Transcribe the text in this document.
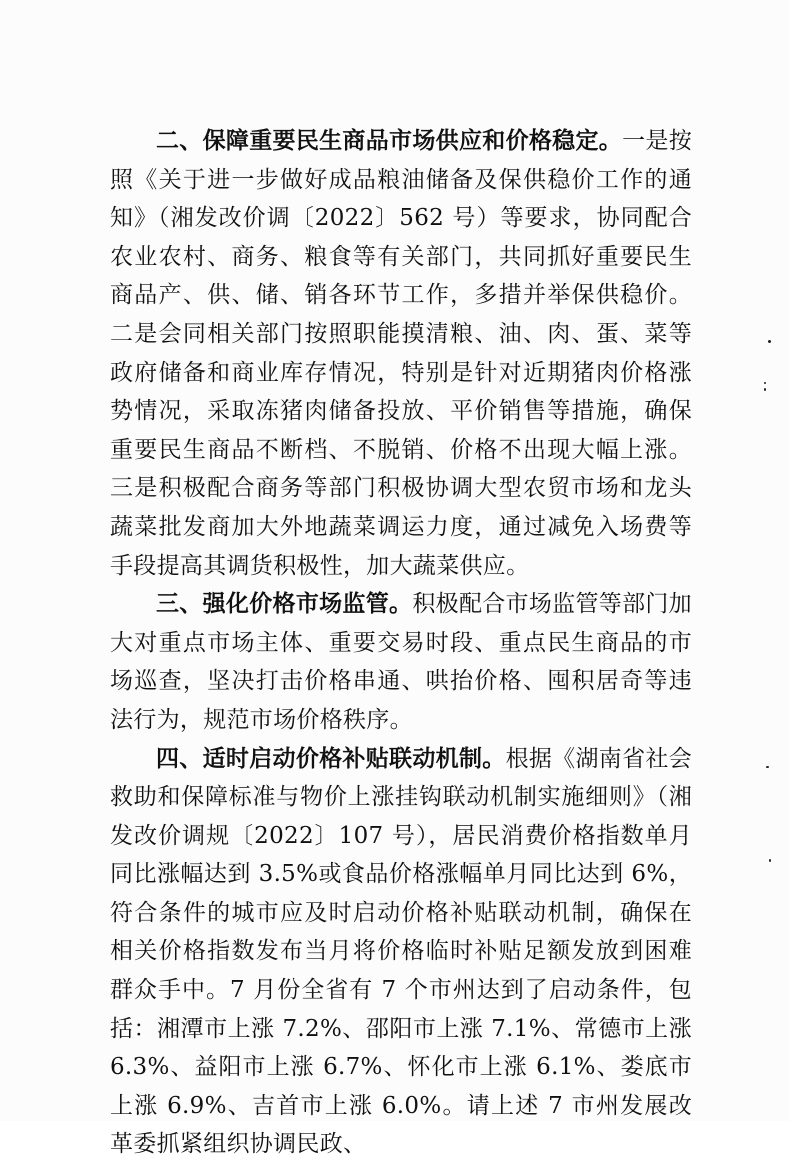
二、保障重要民生商品市场供应和价格稳定。一是按照《关于进一步做好成品粮油储备及保供稳价工作的通知》（湘发改价调〔2022〕562 号）等要求，协同配合农业农村、商务、粮食等有关部门，共同抓好重要民生商品产、供、储、销各环节工作，多措并举保供稳价。二是会同相关部门按照职能摸清粮、油、肉、蛋、菜等政府储备和商业库存情况，特别是针对近期猪肉价格涨势情况，采取冻猪肉储备投放、平价销售等措施，确保重要民生商品不断档、不脱销、价格不出现大幅上涨。三是积极配合商务等部门积极协调大型农贸市场和龙头蔬菜批发商加大外地蔬菜调运力度，通过减免入场费等手段提高其调货积极性，加大蔬菜供应。

三、强化价格市场监管。积极配合市场监管等部门加大对重点市场主体、重要交易时段、重点民生商品的市场巡查，坚决打击价格串通、哄抬价格、囤积居奇等违法行为，规范市场价格秩序。

四、适时启动价格补贴联动机制。根据《湖南省社会救助和保障标准与物价上涨挂钩联动机制实施细则》（湘发改价调规〔2022〕107 号），居民消费价格指数单月同比涨幅达到 3.5%或食品价格涨幅单月同比达到 6%，符合条件的城市应及时启动价格补贴联动机制，确保在相关价格指数发布当月将价格临时补贴足额发放到困难群众手中。7 月份全省有 7 个市州达到了启动条件，包括：湘潭市上涨 7.2%、邵阳市上涨 7.1%、常德市上涨 6.3%、益阳市上涨 6.7%、怀化市上涨 6.1%、娄底市上涨 6.9%、吉首市上涨 6.0%。请上述 7 市州发展改革委抓紧组织协调民政、
